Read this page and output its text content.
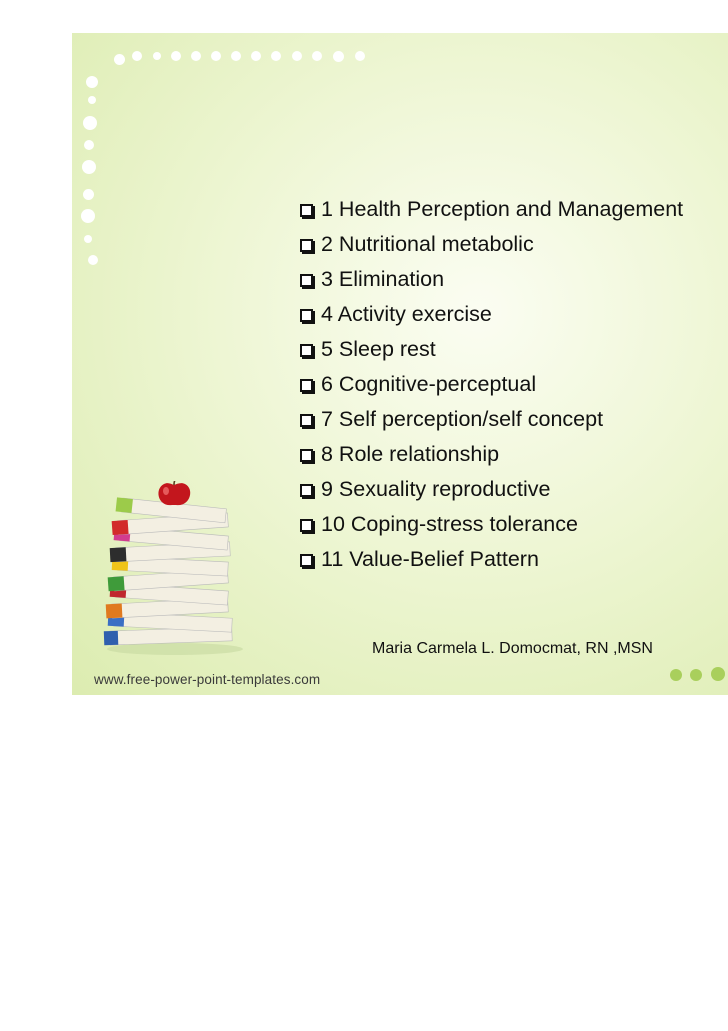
1 Health Perception and Management
2 Nutritional metabolic
3 Elimination
4 Activity exercise
5 Sleep rest
6 Cognitive-perceptual
7 Self perception/self concept
8 Role relationship
9 Sexuality reproductive
10 Coping-stress tolerance
11 Value-Belief Pattern
Maria Carmela L. Domocmat, RN ,MSN
www.free-power-point-templates.com
